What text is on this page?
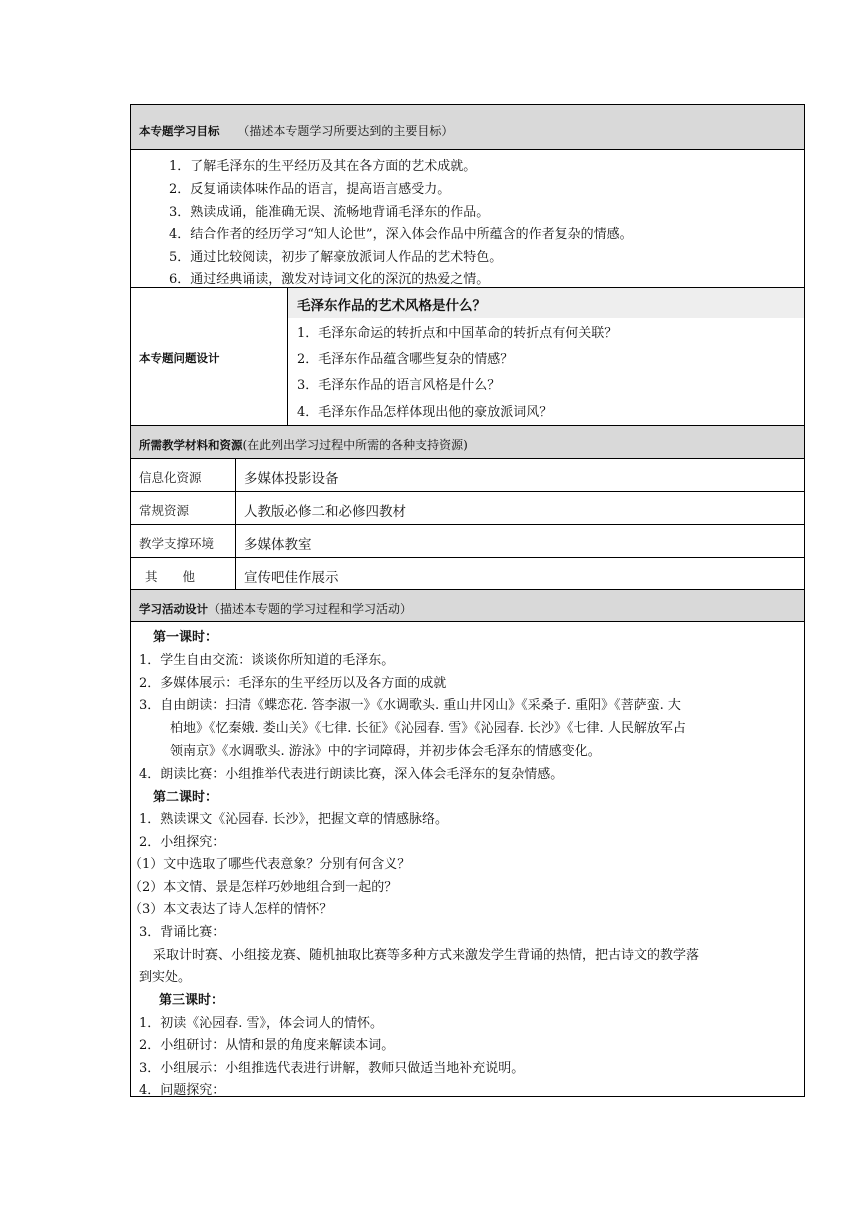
本专题学习目标 （描述本专题学习所要达到的主要目标）
1．了解毛泽东的生平经历及其在各方面的艺术成就。
2．反复诵读体味作品的语言，提高语言感受力。
3．熟读成诵，能准确无误、流畅地背诵毛泽东的作品。
4．结合作者的经历学习“知人论世”，深入体会作品中所蕴含的作者复杂的情感。
5．通过比较阅读，初步了解豪放派词人作品的艺术特色。
6．通过经典诵读，激发对诗词文化的深沉的热爱之情。
本专题问题设计
毛泽东作品的艺术风格是什么？
1．毛泽东命运的转折点和中国革命的转折点有何关联？
2．毛泽东作品蕴含哪些复杂的情感？
3．毛泽东作品的语言风格是什么？
4．毛泽东作品怎样体现出他的豪放派词风？
所需教学材料和资源(在此列出学习过程中所需的各种支持资源)
信息化资源	多媒体投影设备
常规资源	人教版必修二和必修四教材
教学支撑环境 多媒体教室
其　　他	宣传吧佳作展示
学习活动设计（描述本专题的学习过程和学习活动）
第一课时：
1．学生自由交流：谈谈你所知道的毛泽东。
2．多媒体展示：毛泽东的生平经历以及各方面的成就
3．自由朗读：扫清《蝶恋花. 答李淑一》《水调歌头. 重山井冈山》《采桑子. 重阳》《菩萨蛮. 大
柏地》《忆秦娥. 娄山关》《七律. 长征》《沁园春. 雪》《沁园春. 长沙》《七律. 人民解放军占
领南京》《水调歌头. 游泳》中的字词障碍，并初步体会毛泽东的情感变化。
4．朗读比赛：小组推举代表进行朗读比赛，深入体会毛泽东的复杂情感。
第二课时：
1．熟读课文《沁园春. 长沙》，把握文章的情感脉络。
2．小组探究：
（1）文中选取了哪些代表意象？分别有何含义？
（2）本文情、景是怎样巧妙地组合到一起的？
（3）本文表达了诗人怎样的情怀？
3．背诵比赛：
采取计时赛、小组接龙赛、随机抽取比赛等多种方式来激发学生背诵的热情，把古诗文的教学落
到实处。
第三课时：
1．初读《沁园春. 雪》，体会词人的情怀。
2．小组研讨：从情和景的角度来解读本词。
3．小组展示：小组推选代表进行讲解，教师只做适当地补充说明。
4．问题探究：
